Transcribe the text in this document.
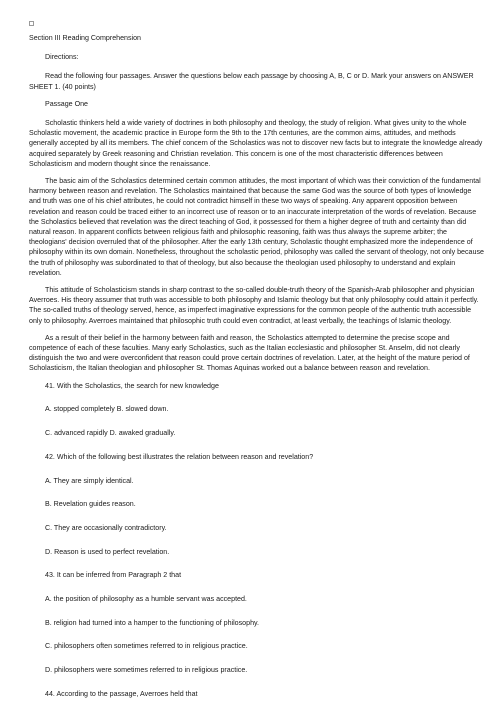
Section III Reading Comprehension

Directions:

Read the following four passages. Answer the questions below each passage by choosing A, B, C or D. Mark your answers on ANSWER SHEET 1. (40 points)

Passage One

Scholastic thinkers held a wide variety of doctrines in both philosophy and theology, the study of religion. What gives unity to the whole Scholastic movement, the academic practice in Europe form the 9th to the 17th centuries, are the common aims, attitudes, and methods generally accepted by all its members. The chief concern of the Scholastics was not to discover new facts but to integrate the knowledge already acquired separately by Greek reasoning and Christian revelation. This concern is one of the most characteristic differences between Scholasticism and modern thought since the renaissance.

The basic aim of the Scholastics determined certain common attitudes, the most important of which was their conviction of the fundamental harmony between reason and revelation. The Scholastics maintained that because the same God was the source of both types of knowledge and truth was one of his chief attributes, he could not contradict himself in these two ways of speaking. Any apparent opposition between revelation and reason could be traced either to an incorrect use of reason or to an inaccurate interpretation of the words of revelation. Because the Scholastics believed that revelation was the direct teaching of God, it possessed for them a higher degree of truth and certainty than did natural reason. In apparent conflicts between religious faith and philosophic reasoning, faith was thus always the supreme arbiter; the theologians' decision overruled that of the philosopher. After the early 13th century, Scholastic thought emphasized more the independence of philosophy within its own domain. Nonetheless, throughout the scholastic period, philosophy was called the servant of theology, not only because the truth of philosophy was subordinated to that of theology, but also because the theologian used philosophy to understand and explain revelation.

This attitude of Scholasticism stands in sharp contrast to the so-called double-truth theory of the Spanish-Arab philosopher and physician Averroes. His theory assumer that truth was accessible to both philosophy and Islamic theology but that only philosophy could attain it perfectly. The so-called truths of theology served, hence, as imperfect imaginative expressions for the common people of the authentic truth accessible only to philosophy. Averroes maintained that philosophic truth could even contradict, at least verbally, the teachings of Islamic theology.

As a result of their belief in the harmony between faith and reason, the Scholastics attempted to determine the precise scope and competence of each of these faculties. Many early Scholastics, such as the Italian ecclesiastic and philosopher St. Anselm, did not clearly distinguish the two and were overconfident that reason could prove certain doctrines of revelation. Later, at the height of the mature period of Scholasticism, the Italian theologian and philosopher St. Thomas Aquinas worked out a balance between reason and revelation.

41. With the Scholastics, the search for new knowledge

A. stopped completely B. slowed down.

C. advanced rapidly D. awaked gradually.

42. Which of the following best illustrates the relation between reason and revelation?

A. They are simply identical.

B. Revelation guides reason.

C. They are occasionally contradictory.

D. Reason is used to perfect revelation.

43. It can be inferred from Paragraph 2 that

A. the position of philosophy as a humble servant was accepted.

B. religion had turned into a hamper to the functioning of philosophy.

C. philosophers often sometimes referred to in religious practice.

D. philosophers were sometimes referred to in religious practice.

44. According to the passage, Averroes held that
